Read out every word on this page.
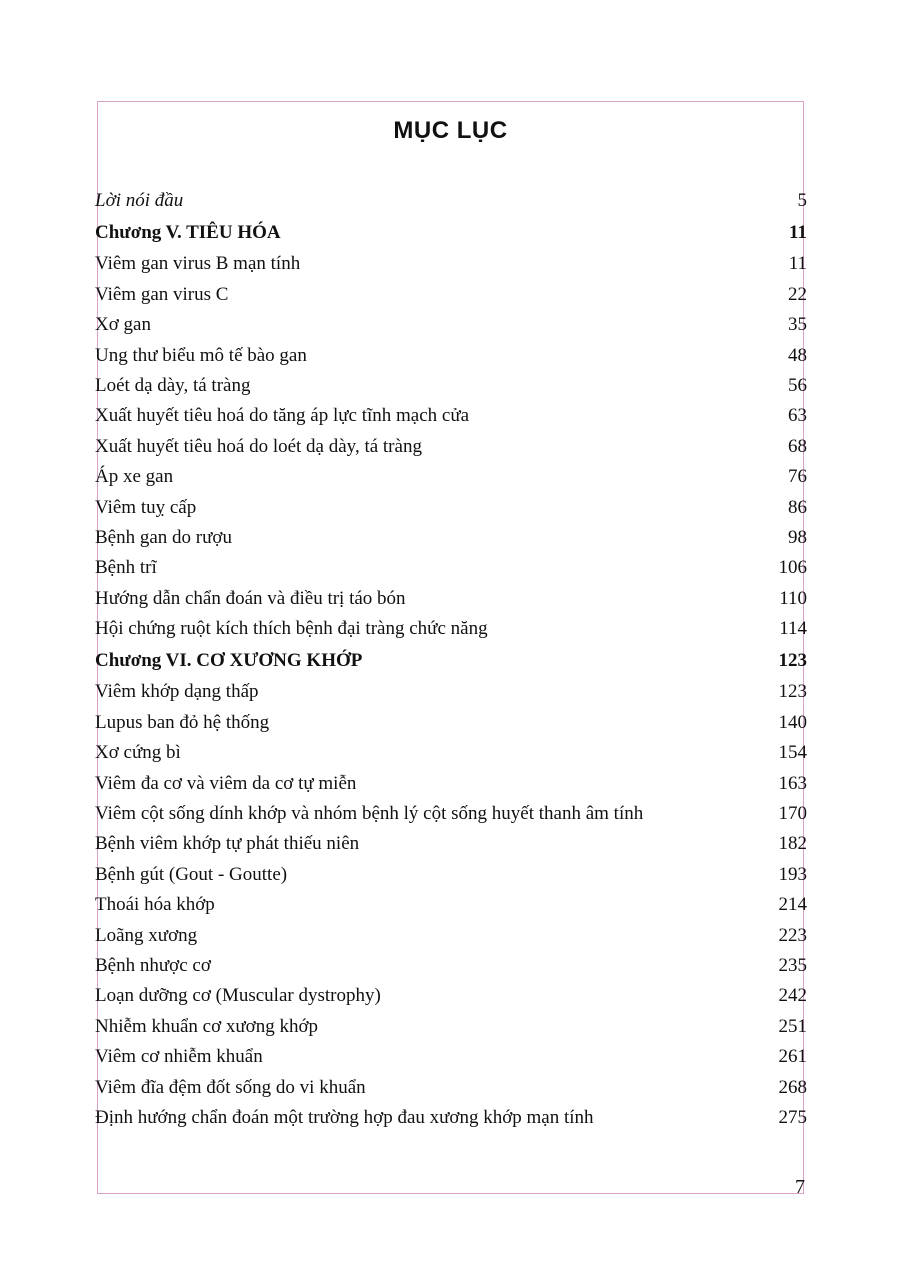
MỤC LỤC
Lời nói đầu	5
Chương V. TIÊU HÓA	11
Viêm gan virus B mạn tính	11
Viêm gan virus C	22
Xơ gan	35
Ung thư biểu mô tế bào gan	48
Loét dạ dày, tá tràng	56
Xuất huyết tiêu hoá do tăng áp lực tĩnh mạch cửa	63
Xuất huyết tiêu hoá do loét dạ dày, tá tràng	68
Áp xe gan	76
Viêm tuỵ cấp	86
Bệnh gan do rượu	98
Bệnh trĩ	106
Hướng dẫn chẩn đoán và điều trị táo bón	110
Hội chứng ruột kích thích bệnh đại tràng chức năng	114
Chương VI. CƠ XƯƠNG KHỚP	123
Viêm khớp dạng thấp	123
Lupus ban đỏ hệ thống	140
Xơ cứng bì	154
Viêm đa cơ và viêm da cơ tự miễn	163
Viêm cột sống dính khớp và nhóm bệnh lý cột sống huyết thanh âm tính	170
Bệnh viêm khớp tự phát thiếu niên	182
Bệnh gút (Gout - Goutte)	193
Thoái hóa khớp	214
Loãng xương	223
Bệnh nhược cơ	235
Loạn dưỡng cơ (Muscular dystrophy)	242
Nhiễm khuẩn cơ xương khớp	251
Viêm cơ nhiễm khuẩn	261
Viêm đĩa đệm đốt sống do vi khuẩn	268
Định hướng chẩn đoán một trường hợp đau xương khớp mạn tính	275
7
